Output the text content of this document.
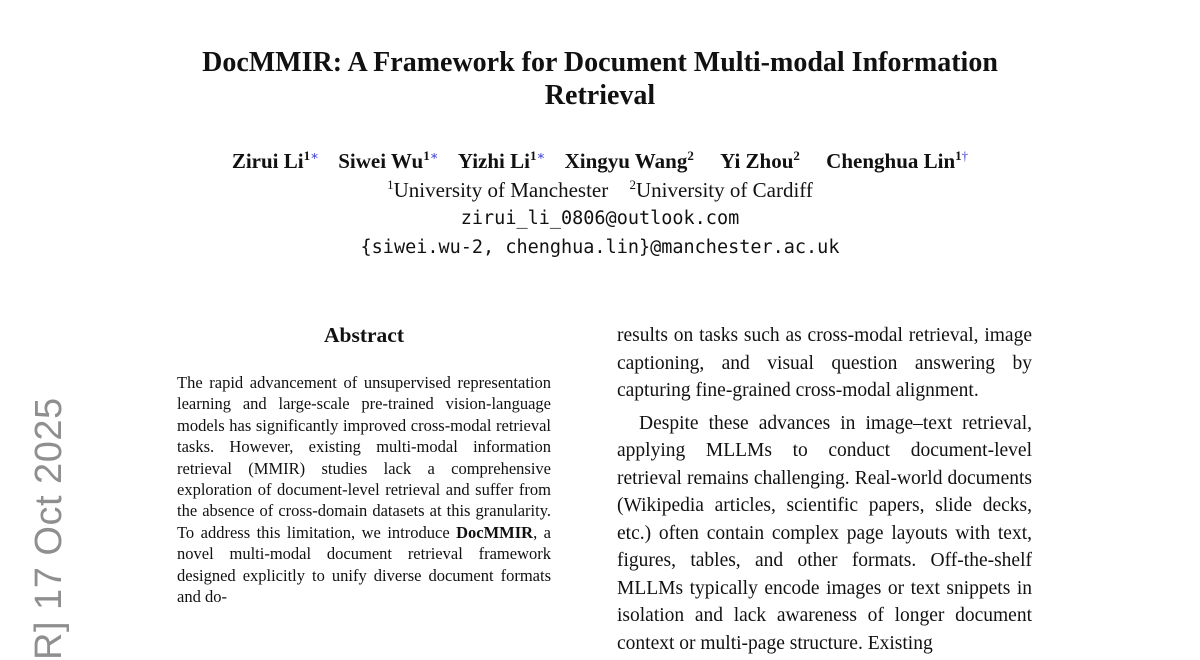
R] 17 Oct 2025
DocMMIR: A Framework for Document Multi-modal Information Retrieval
Zirui $Li^{1∗}$ Siwei $Wu^{1∗}$ Yizhi $Li^{1∗}$ Xingyu Wang$^2$ Yi Zhou$^2$ Chenghua Lin$^{1\dagger}$
$^1$University of Manchester $^2$University of Cardiff
zirui_li_0806@outlook.com
{siwei.wu-2, chenghua.lin}@manchester.ac.uk
Abstract

The rapid advancement of unsupervised representation learning and large-scale pre-trained vision-language models has significantly improved cross-modal retrieval tasks. However, existing multi-modal information retrieval (MMIR) studies lack a comprehensive exploration of document-level retrieval and suffer from the absence of cross-domain datasets at this granularity. To address this limitation, we introduce DocMMIR, a novel multi-modal document retrieval framework designed explicitly to unify diverse document formats and do-

results on tasks such as cross-modal retrieval, image captioning, and visual question answering by capturing fine-grained cross-modal alignment.

Despite these advances in image–text retrieval, applying MLLMs to conduct document-level retrieval remains challenging. Real-world documents (Wikipedia articles, scientific papers, slide decks, etc.) often contain complex page layouts with text, figures, tables, and other formats. Off-the-shelf MLLMs typically encode images or text snippets in isolation and lack awareness of longer document context or multi-page structure. Existing
